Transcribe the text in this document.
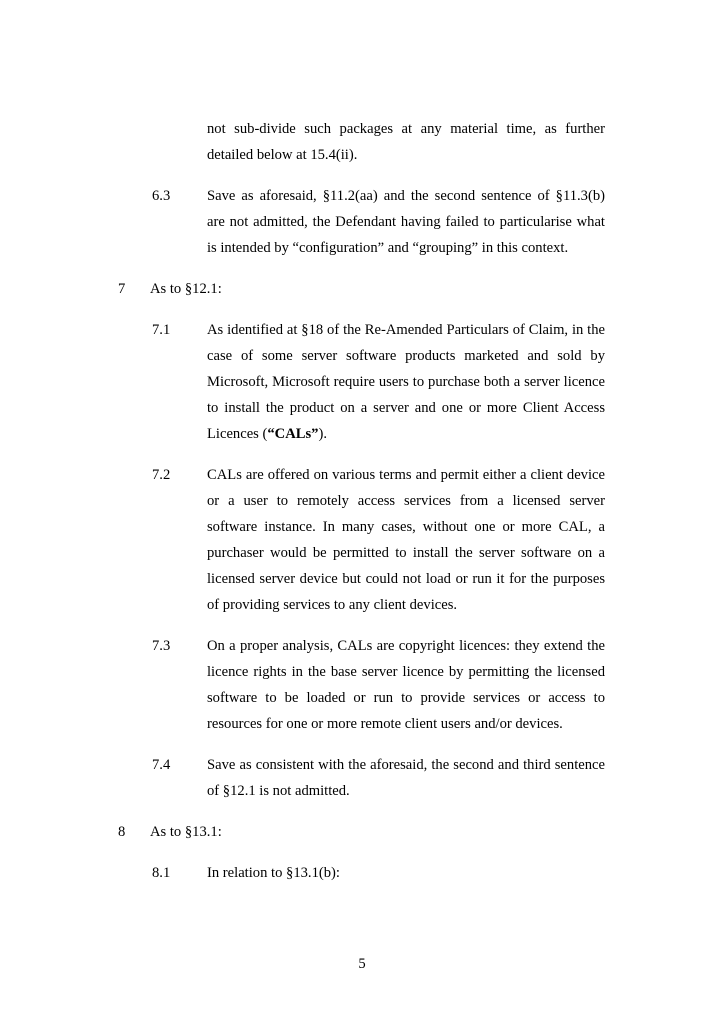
not sub-divide such packages at any material time, as further detailed below at 15.4(ii).
6.3	Save as aforesaid, §11.2(aa) and the second sentence of §11.3(b) are not admitted, the Defendant having failed to particularise what is intended by “configuration” and “grouping” in this context.
7	As to §12.1:
7.1	As identified at §18 of the Re-Amended Particulars of Claim, in the case of some server software products marketed and sold by Microsoft, Microsoft require users to purchase both a server licence to install the product on a server and one or more Client Access Licences (“CALs”).
7.2	CALs are offered on various terms and permit either a client device or a user to remotely access services from a licensed server software instance. In many cases, without one or more CAL, a purchaser would be permitted to install the server software on a licensed server device but could not load or run it for the purposes of providing services to any client devices.
7.3	On a proper analysis, CALs are copyright licences: they extend the licence rights in the base server licence by permitting the licensed software to be loaded or run to provide services or access to resources for one or more remote client users and/or devices.
7.4	Save as consistent with the aforesaid, the second and third sentence of §12.1 is not admitted.
8	As to §13.1:
8.1	In relation to §13.1(b):
5
